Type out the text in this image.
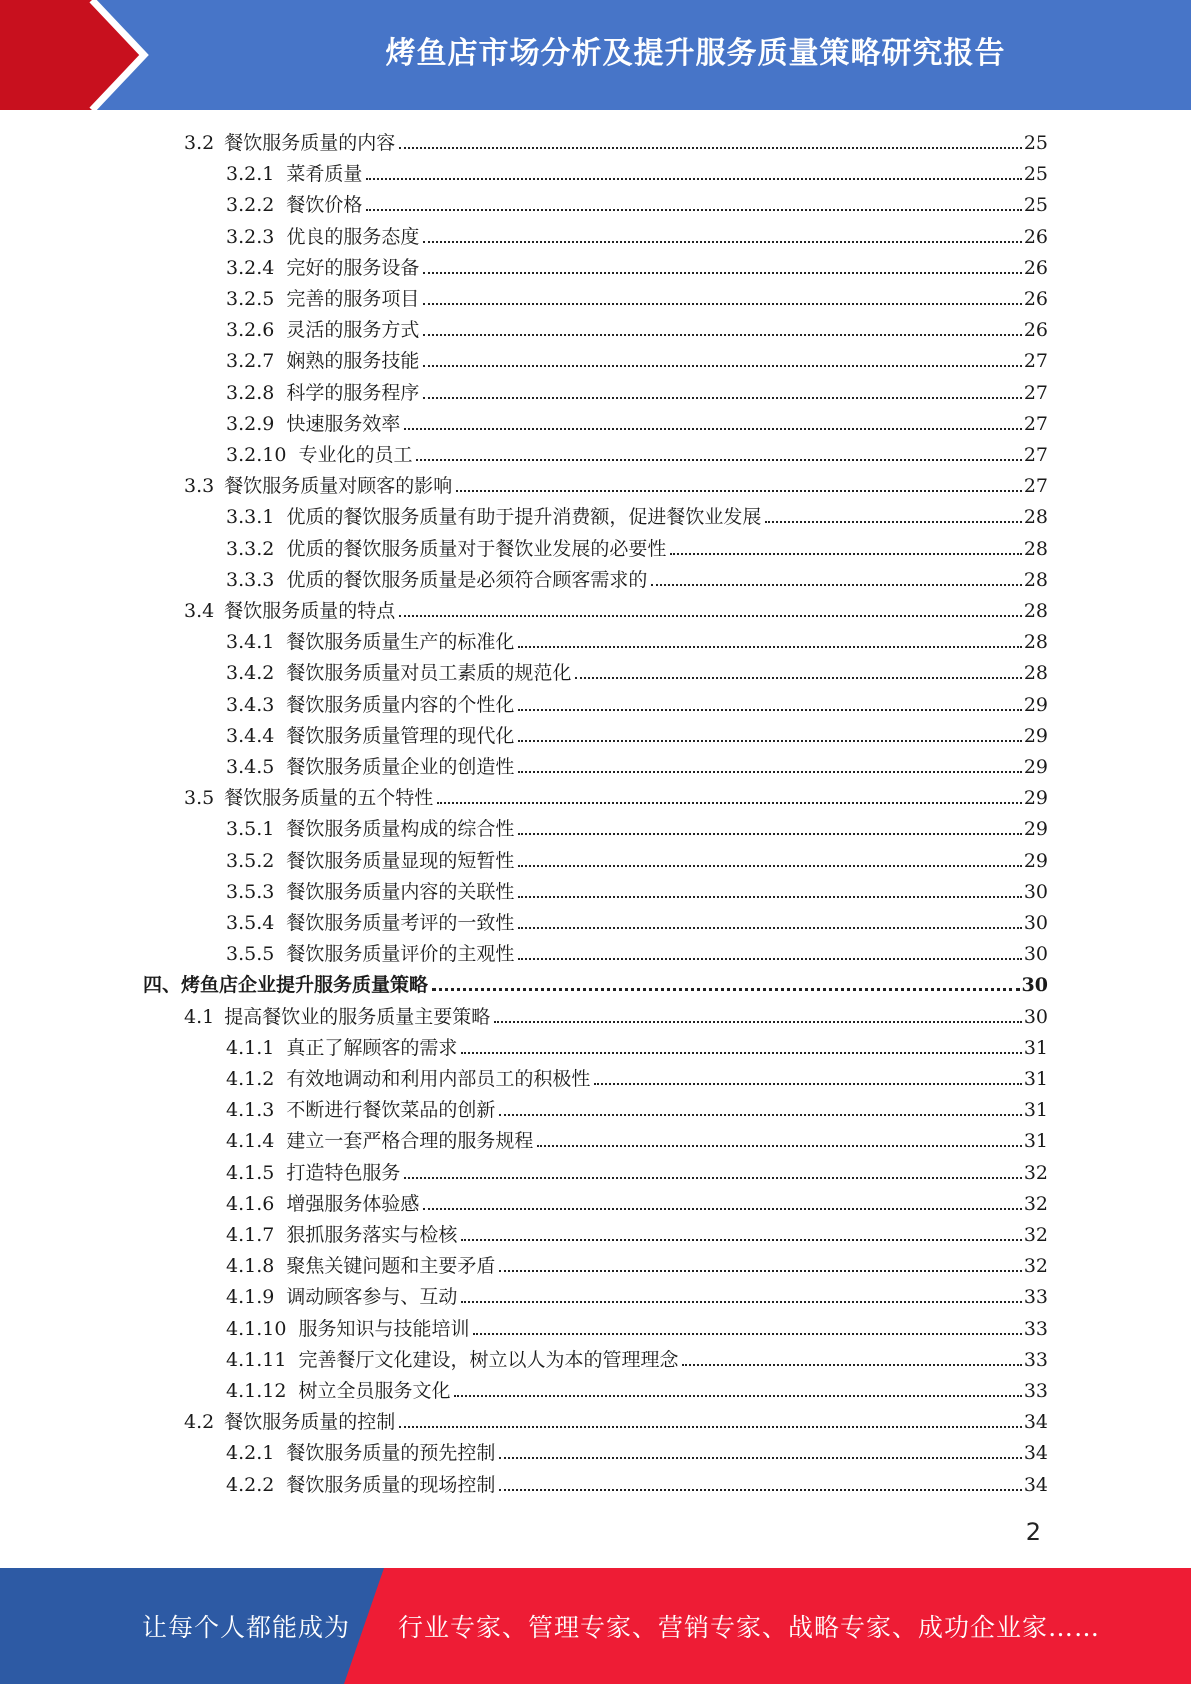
烤鱼店市场分析及提升服务质量策略研究报告
3.2 餐饮服务质量的内容	25
3.2.1 菜肴质量	25
3.2.2 餐饮价格	25
3.2.3 优良的服务态度	26
3.2.4 完好的服务设备	26
3.2.5 完善的服务项目	26
3.2.6 灵活的服务方式	26
3.2.7 娴熟的服务技能	27
3.2.8 科学的服务程序	27
3.2.9 快速服务效率	27
3.2.10 专业化的员工	27
3.3 餐饮服务质量对顾客的影响	27
3.3.1 优质的餐饮服务质量有助于提升消费额，促进餐饮业发展	28
3.3.2 优质的餐饮服务质量对于餐饮业发展的必要性	28
3.3.3 优质的餐饮服务质量是必须符合顾客需求的	28
3.4 餐饮服务质量的特点	28
3.4.1 餐饮服务质量生产的标准化	28
3.4.2 餐饮服务质量对员工素质的规范化	28
3.4.3 餐饮服务质量内容的个性化	29
3.4.4 餐饮服务质量管理的现代化	29
3.4.5 餐饮服务质量企业的创造性	29
3.5 餐饮服务质量的五个特性	29
3.5.1 餐饮服务质量构成的综合性	29
3.5.2 餐饮服务质量显现的短暂性	29
3.5.3 餐饮服务质量内容的关联性	30
3.5.4 餐饮服务质量考评的一致性	30
3.5.5 餐饮服务质量评价的主观性	30
四、 烤鱼店企业提升服务质量策略	30
4.1 提高餐饮业的服务质量主要策略	30
4.1.1 真正了解顾客的需求	31
4.1.2 有效地调动和利用内部员工的积极性	31
4.1.3 不断进行餐饮菜品的创新	31
4.1.4 建立一套严格合理的服务规程	31
4.1.5 打造特色服务	32
4.1.6 增强服务体验感	32
4.1.7 狠抓服务落实与检核	32
4.1.8 聚焦关键问题和主要矛盾	32
4.1.9 调动顾客参与、互动	33
4.1.10 服务知识与技能培训	33
4.1.11 完善餐厅文化建设，树立以人为本的管理理念	33
4.1.12 树立全员服务文化	33
4.2 餐饮服务质量的控制	34
4.2.1 餐饮服务质量的预先控制	34
4.2.2 餐饮服务质量的现场控制	34
2
让每个人都能成为 行业专家、管理专家、营销专家、战略专家、成功企业家……
